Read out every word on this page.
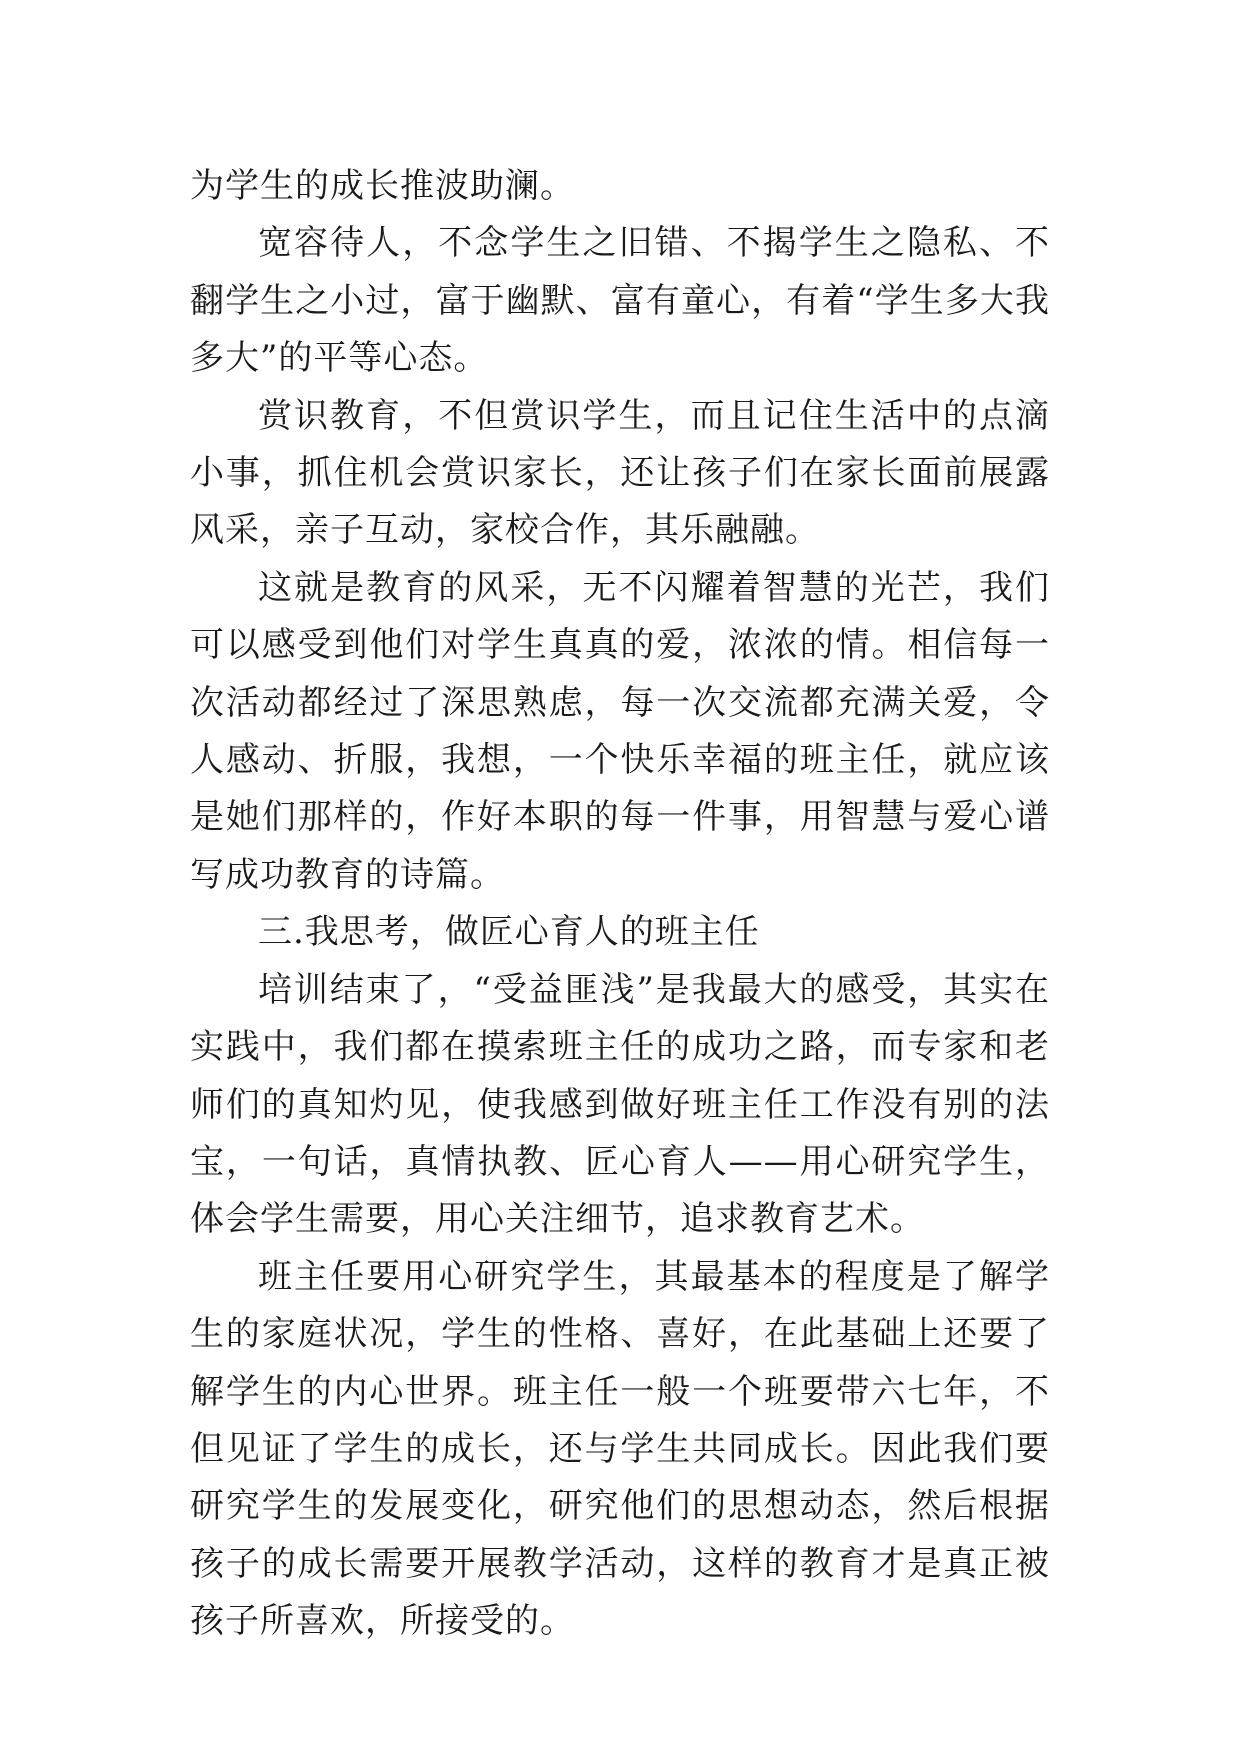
为学生的成长推波助澜。

宽容待人，不念学生之旧错、不揭学生之隐私、不翻学生之小过，富于幽默、富有童心，有着“学生多大我多大”的平等心态。

赏识教育，不但赏识学生，而且记住生活中的点滴小事，抓住机会赏识家长，还让孩子们在家长面前展露风采，亲子互动，家校合作，其乐融融。

这就是教育的风采，无不闪耀着智慧的光芒，我们可以感受到他们对学生真真的爱，浓浓的情。相信每一次活动都经过了深思熟虑，每一次交流都充满关爱，令人感动、折服，我想，一个快乐幸福的班主任，就应该是她们那样的，作好本职的每一件事，用智慧与爱心谱写成功教育的诗篇。

三.我思考，做匠心育人的班主任

培训结束了，“受益匪浅”是我最大的感受，其实在实践中，我们都在摸索班主任的成功之路，而专家和老师们的真知灼见，使我感到做好班主任工作没有别的法宝，一句话，真情执教、匠心育人——用心研究学生，体会学生需要，用心关注细节，追求教育艺术。

班主任要用心研究学生，其最基本的程度是了解学生的家庭状况，学生的性格、喜好，在此基础上还要了解学生的内心世界。班主任一般一个班要带六七年，不但见证了学生的成长，还与学生共同成长。因此我们要研究学生的发展变化，研究他们的思想动态，然后根据孩子的成长需要开展教学活动，这样的教育才是真正被孩子所喜欢，所接受的。
